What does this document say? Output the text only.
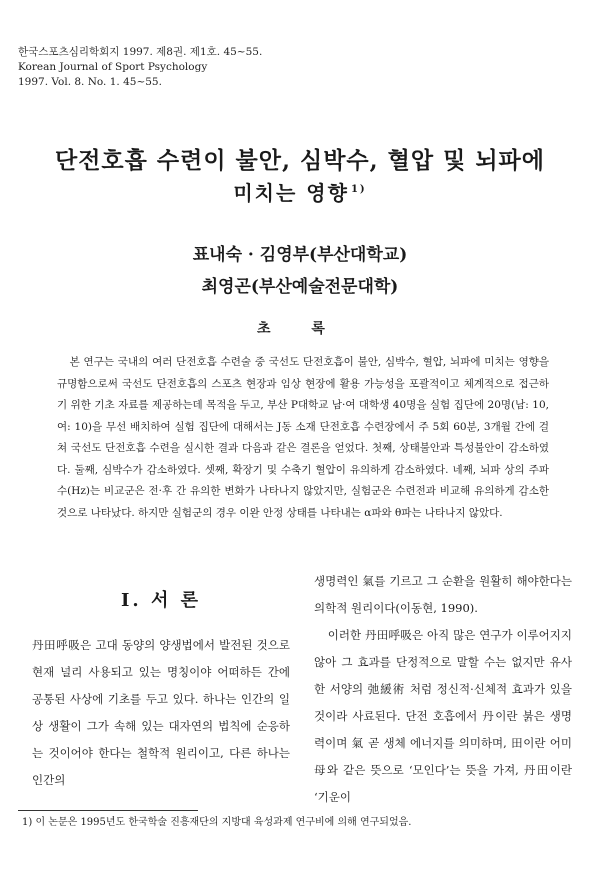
한국스포츠심리학회지 1997. 제8권. 제1호. 45~55.
Korean Journal of Sport Psychology
1997. Vol. 8. No. 1. 45~55.
단전호흡 수련이 불안, 심박수, 혈압 및 뇌파에
미치는 영향 $^{1)}$
표내숙 · 김영부(부산대학교)
최영곤(부산예술전문대학)
초 록
본 연구는 국내의 여러 단전호흡 수련술 중 국선도 단전호흡이 불안, 심박수, 혈압, 뇌파에 미치는 영향을 규명함으로써 국선도 단전호흡의 스포츠 현장과 임상 현장에 활용 가능성을 포괄적이고 체계적으로 접근하기 위한 기초 자료를 제공하는데 목적을 두고, 부산 P대학교 남·여 대학생 40명을 실험 집단에 20명(남: 10, 여: 10)을 무선 배치하여 실험 집단에 대해서는 J동 소재 단전호흡 수련장에서 주 5회 60분, 3개월 간에 걸쳐 국선도 단전호흡 수련을 실시한 결과 다음과 같은 결론을 얻었다. 첫째, 상태불안과 특성불안이 감소하였다. 둘째, 심박수가 감소하였다. 셋째, 확장기 및 수축기 혈압이 유의하게 감소하였다. 네째, 뇌파 상의 주파수(Hz)는 비교군은 전·후 간 유의한 변화가 나타나지 않았지만, 실험군은 수련전과 비교해 유의하게 감소한 것으로 나타났다. 하지만 실험군의 경우 이완 안정 상태를 나타내는 α파와 θ파는 나타나지 않았다.
Ⅰ. 서 론

丹田呼吸은 고대 동양의 양생법에서 발전된 것으로 현재 널리 사용되고 있는 명칭이야 어떠하든 간에 공통된 사상에 기초를 두고 있다. 하나는 인간의 일상 생활이 그가 속해 있는 대자연의 법칙에 순응하는 것이어야 한다는 철학적 원리이고, 다른 하나는 인간의

생명력인 氣를 기르고 그 순환을 원활히 해야한다는 의학적 원리이다(이동현, 1990).

이러한 丹田呼吸은 아직 많은 연구가 이루어지지 않아 그 효과를 단정적으로 말할 수는 없지만 유사한 서양의 弛緩術 처럼 정신적·신체적 효과가 있을 것이라 사료된다. 단전 호흡에서 丹이란 붉은 생명력이며 氣 곧 생체 에너지를 의미하며, 田이란 어미 母와 같은 뜻으로 ‘모인다’는 뜻을 가져, 丹田이란 ‘기운이

1) 이 논문은 1995년도 한국학술 진흥재단의 지방대 육성과제 연구비에 의해 연구되었음.
